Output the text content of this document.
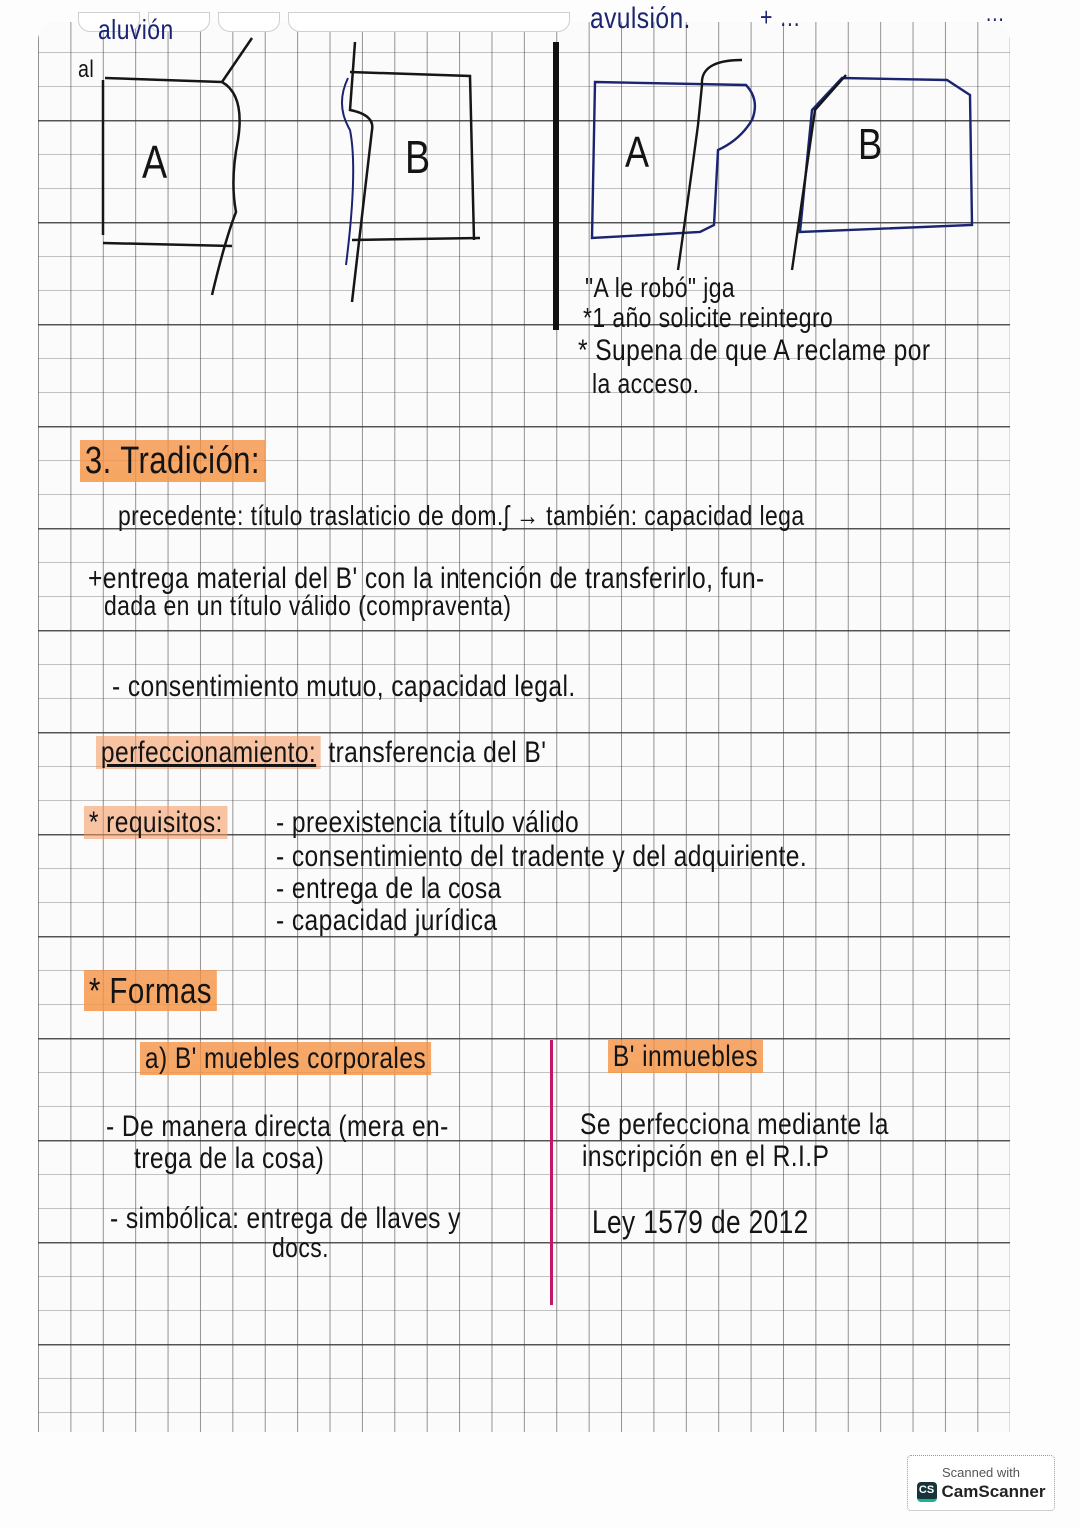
aluvión
al
A	B
avulsión.	+ …	…
A	B
"A le robó" jga
*1 año solicite reintegro
* Supena de que A reclame por
la acceso.
3. Tradición:
precedente: título traslaticio de dom.ʃ → también: capacidad lega
+entrega material del B' con la intención de transferirlo, fun-
dada en un título válido (compraventa)
- consentimiento mutuo, capacidad legal.
perfeccionamiento: transferencia del B'
* requisitos: - preexistencia título válido
- consentimiento del tradente y del adquiriente.
- entrega de la cosa
- capacidad jurídica
* Formas
a) B' muebles corporales	B' inmuebles
- De manera directa (mera en-
trega de la cosa)
- simbólica: entrega de llaves y
docs.
Se perfecciona mediante la
inscripción en el R.I.P
Ley 1579 de 2012
Scanned with
CS CamScanner
